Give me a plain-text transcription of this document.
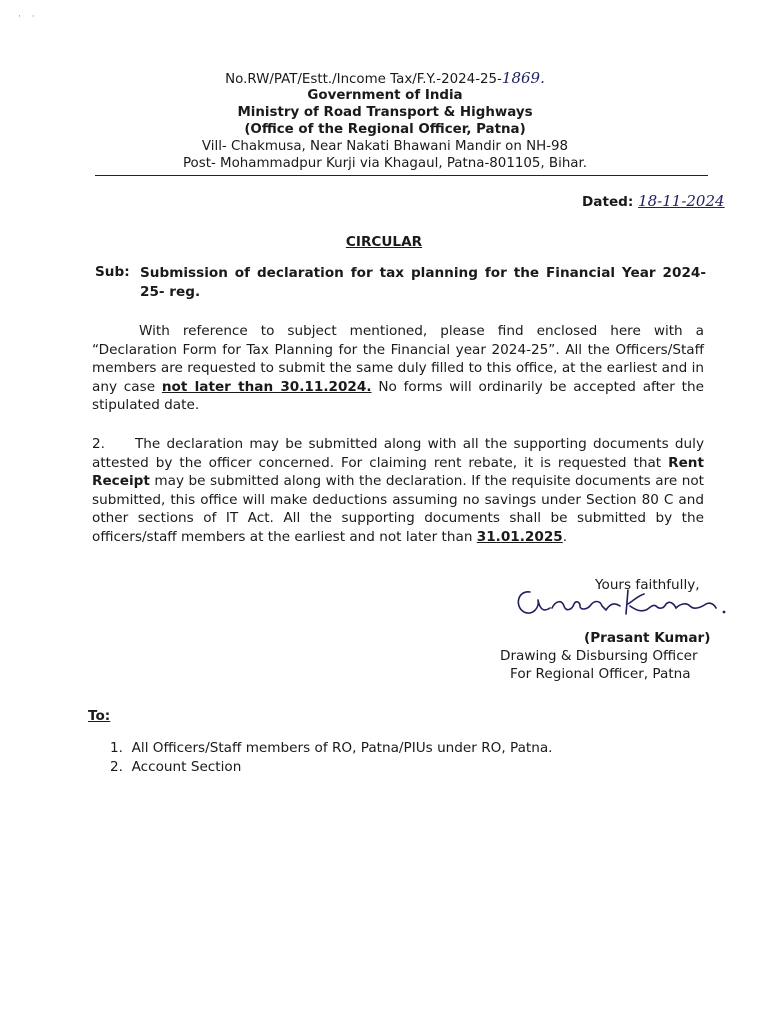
· ·
No.RW/PAT/Estt./Income Tax/F.Y.-2024-25-1869.
Government of India
Ministry of Road Transport & Highways
(Office of the Regional Officer, Patna)
Vill- Chakmusa, Near Nakati Bhawani Mandir on NH-98
Post- Mohammadpur Kurji via Khagaul, Patna-801105, Bihar.
Dated: 18-11-2024
CIRCULAR
Sub: Submission of declaration for tax planning for the Financial Year 2024-25- reg.
With reference to subject mentioned, please find enclosed here with a “Declaration Form for Tax Planning for the Financial year 2024-25”. All the Officers/Staff members are requested to submit the same duly filled to this office, at the earliest and in any case not later than 30.11.2024. No forms will ordinarily be accepted after the stipulated date.
2. The declaration may be submitted along with all the supporting documents duly attested by the officer concerned. For claiming rent rebate, it is requested that Rent Receipt may be submitted along with the declaration. If the requisite documents are not submitted, this office will make deductions assuming no savings under Section 80 C and other sections of IT Act. All the supporting documents shall be submitted by the officers/staff members at the earliest and not later than 31.01.2025.
Yours faithfully,
(Prasant Kumar)
Drawing & Disbursing Officer
For Regional Officer, Patna
To:
1.  All Officers/Staff members of RO, Patna/PIUs under RO, Patna.
2.  Account Section
